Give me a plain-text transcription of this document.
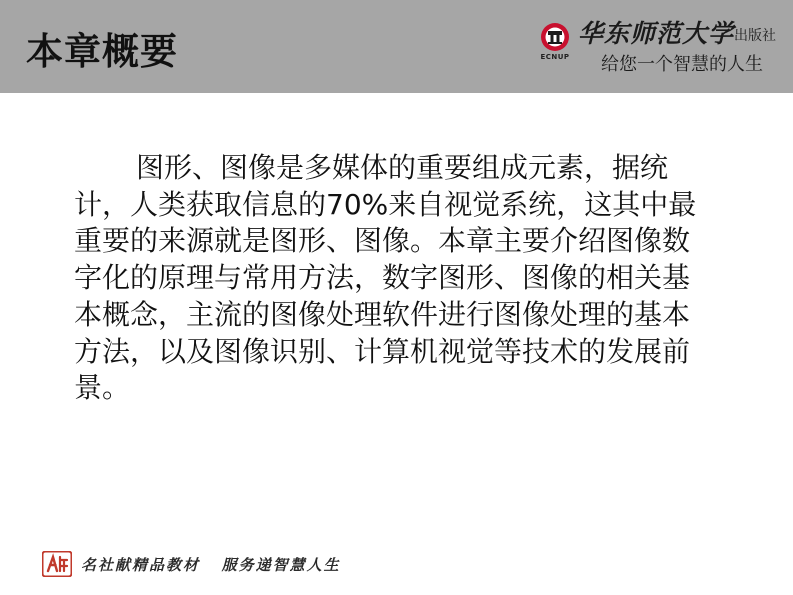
本章概要	ECNUP
华东师范大学 出版社
给您一个智慧的人生

图形、图像是多媒体的重要组成元素，据统计，人类获取信息的70%来自视觉系统，这其中最重要的来源就是图形、图像。本章主要介绍图像数字化的原理与常用方法，数字图形、图像的相关基本概念，主流的图像处理软件进行图像处理的基本方法，以及图像识别、计算机视觉等技术的发展前景。

名社献精品教材   服务递智慧人生
